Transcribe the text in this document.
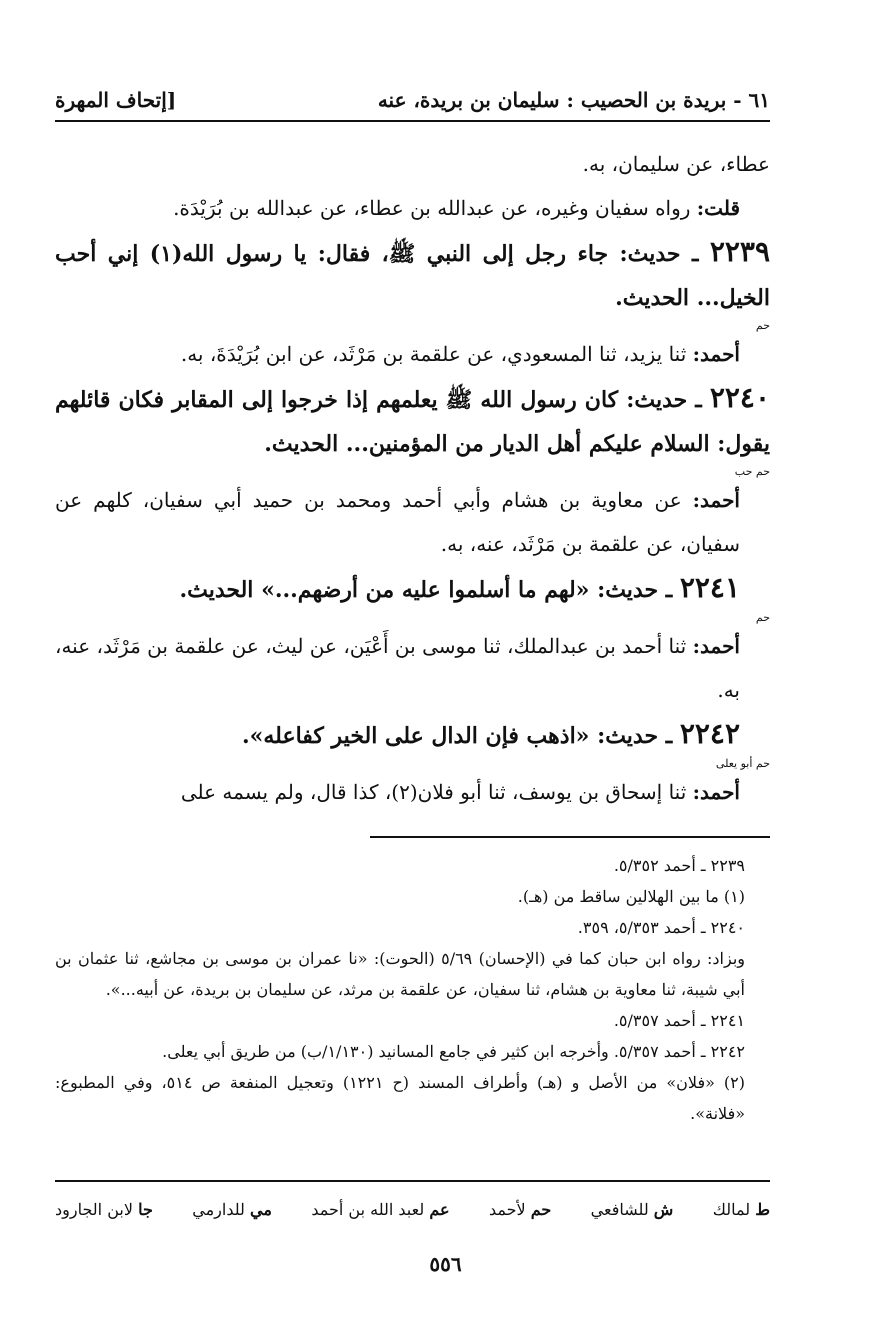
٦١ - بريدة بن الحصيب : سليمان بن بريدة، عنه
[إتحاف المهرة

عطاء، عن سليمان، به.

قلت: رواه سفيان وغيره، عن عبدالله بن عطاء، عن عبدالله بن بُرَيْدَة.

٢٢٣٩ ـ حديث: جاء رجل إلى النبي ﷺ، فقال: يا رسول الله(١) إني أحب الخيل... الحديث.

حم

أحمد: ثنا يزيد، ثنا المسعودي، عن علقمة بن مَرْثَد، عن ابن بُرَيْدَةَ، به.

٢٢٤٠ ـ حديث: كان رسول الله ﷺ يعلمهم إذا خرجوا إلى المقابر فكان قائلهم يقول: السلام عليكم أهل الديار من المؤمنين... الحديث.

حم حب

أحمد: عن معاوية بن هشام وأبي أحمد ومحمد بن حميد أبي سفيان، كلهم عن سفيان، عن علقمة بن مَرْثَد، عنه، به.

٢٢٤١ ـ حديث: «لهم ما أسلموا عليه من أرضهم...» الحديث.

حم

أحمد: ثنا أحمد بن عبدالملك، ثنا موسى بن أَعْيَن، عن ليث، عن علقمة بن مَرْثَد، عنه، به.

٢٢٤٢ ـ حديث: «اذهب فإن الدال على الخير كفاعله».

حم أبو يعلى

أحمد: ثنا إسحاق بن يوسف، ثنا أبو فلان(٢)، كذا قال، ولم يسمه على

٢٢٣٩ ـ أحمد ٥/٣٥٢.

(١) ما بين الهلالين ساقط من (هـ).

٢٢٤٠ ـ أحمد ٥/٣٥٣، ٣٥٩.

وبزاد: رواه ابن حبان كما في (الإحسان) ٥/٦٩ (الحوت): «نا عمران بن موسى بن مجاشع، ثنا عثمان بن أبي شيبة، ثنا معاوية بن هشام، ثنا سفيان، عن علقمة بن مرثد، عن سليمان بن بريدة، عن أبيه...».

٢٢٤١ ـ أحمد ٥/٣٥٧.

٢٢٤٢ ـ أحمد ٥/٣٥٧. وأخرجه ابن كثير في جامع المسانيد (١/١٣٠/ب) من طريق أبي يعلى.

(٢) «فلان» من الأصل و (هـ) وأطراف المسند (ح ١٢٢١) وتعجيل المنفعة ص ٥١٤، وفي المطبوع: «فلانة».

ط لمالك
ش للشافعي
حم لأحمد
عم لعبد الله بن أحمد
مي للدارمي
جا لابن الجارود
٥٥٦
